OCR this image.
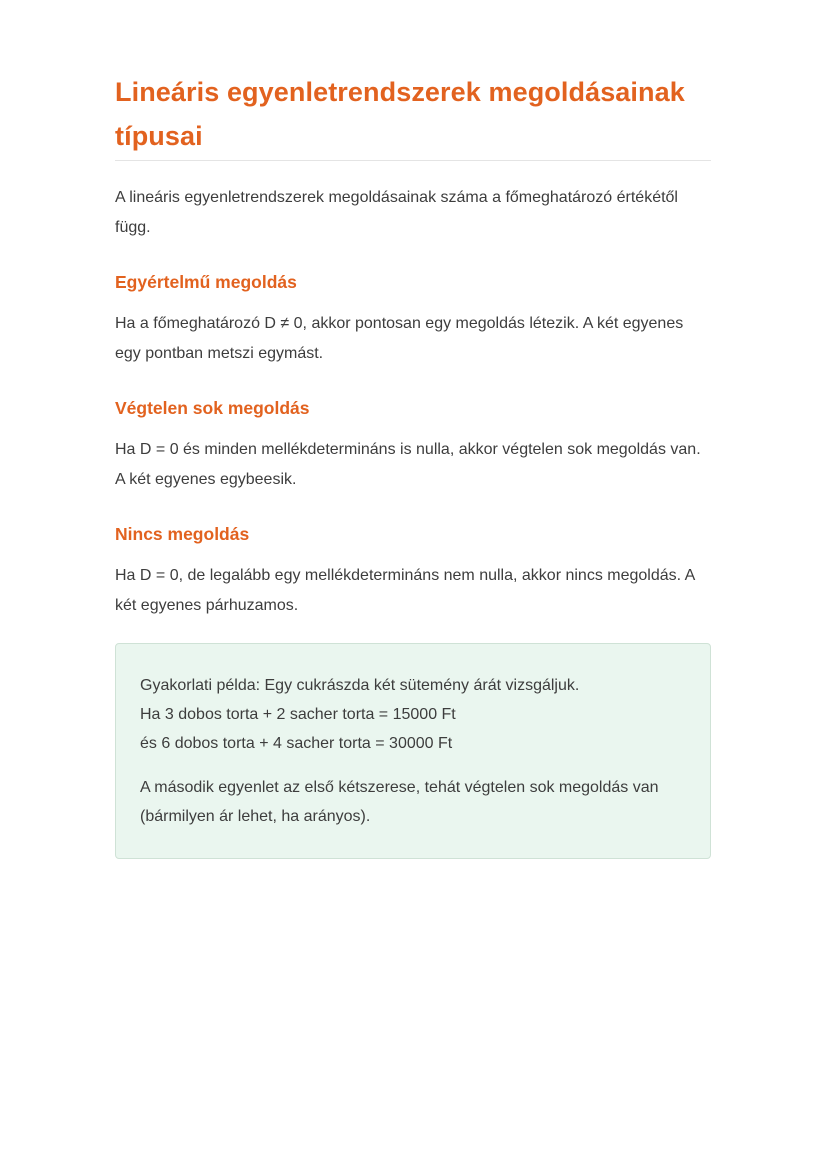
Lineáris egyenletrendszerek megoldásainak típusai

A lineáris egyenletrendszerek megoldásainak száma a főmeghatározó értékétől függ.

Egyértelmű megoldás

Ha a főmeghatározó D ≠ 0, akkor pontosan egy megoldás létezik. A két egyenes egy pontban metszi egymást.

Végtelen sok megoldás

Ha D = 0 és minden mellékdetermináns is nulla, akkor végtelen sok megoldás van. A két egyenes egybeesik.

Nincs megoldás

Ha D = 0, de legalább egy mellékdetermináns nem nulla, akkor nincs megoldás. A két egyenes párhuzamos.

Gyakorlati példa: Egy cukrászda két sütemény árát vizsgáljuk.
Ha 3 dobos torta + 2 sacher torta = 15000 Ft
és 6 dobos torta + 4 sacher torta = 30000 Ft

A második egyenlet az első kétszerese, tehát végtelen sok megoldás van (bármilyen ár lehet, ha arányos).
